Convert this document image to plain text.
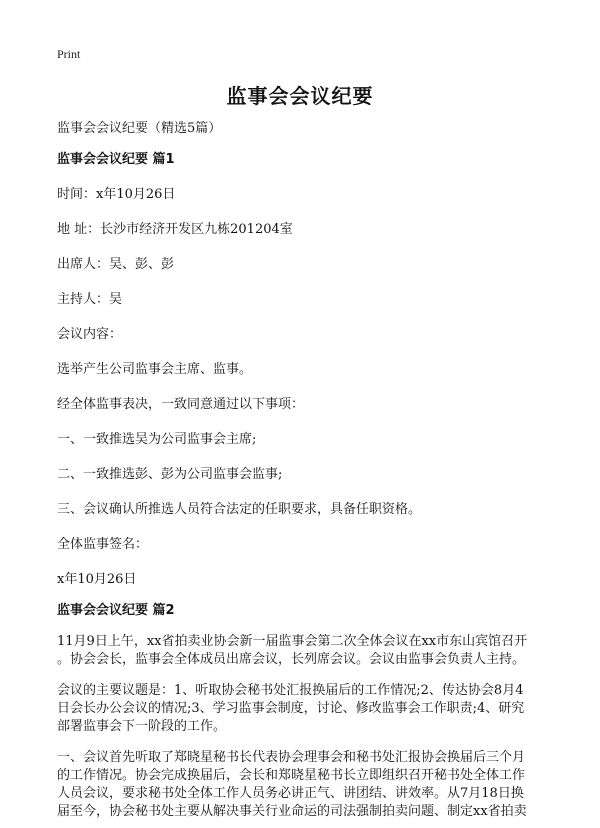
Print
监事会会议纪要

监事会会议纪要（精选5篇）

监事会会议纪要 篇1

时间：x年10月26日

地 址：长沙市经济开发区九栋201204室

出席人：吴、彭、彭

主持人：吴

会议内容：

选举产生公司监事会主席、监事。

经全体监事表决，一致同意通过以下事项：

一、一致推选吴为公司监事会主席;

二、一致推选彭、彭为公司监事会监事;

三、会议确认所推选人员符合法定的任职要求，具备任职资格。

全体监事签名：

x年10月26日

监事会会议纪要 篇2

11月9日上午，xx省拍卖业协会新一届监事会第二次全体会议在xx市东山宾馆召开

。协会会长，监事会全体成员出席会议，长列席会议。会议由监事会负责人主持。

会议的主要议题是：1、听取协会秘书处汇报换届后的工作情况;2、传达协会8月4

日会长办公会议的情况;3、学习监事会制度，讨论、修改监事会工作职责;4、研究

部署监事会下一阶段的工作。

一、会议首先听取了郑晓星秘书长代表协会理事会和秘书处汇报协会换届后三个月

的工作情况。协会完成换届后，会长和郑晓星秘书长立即组织召开秘书处全体工作

人员会议，要求秘书处全体工作人员务必讲正气、讲团结、讲效率。从7月18日换

届至今，协会秘书处主要从解决事关行业命运的司法强制拍卖问题、制定xx省拍卖
